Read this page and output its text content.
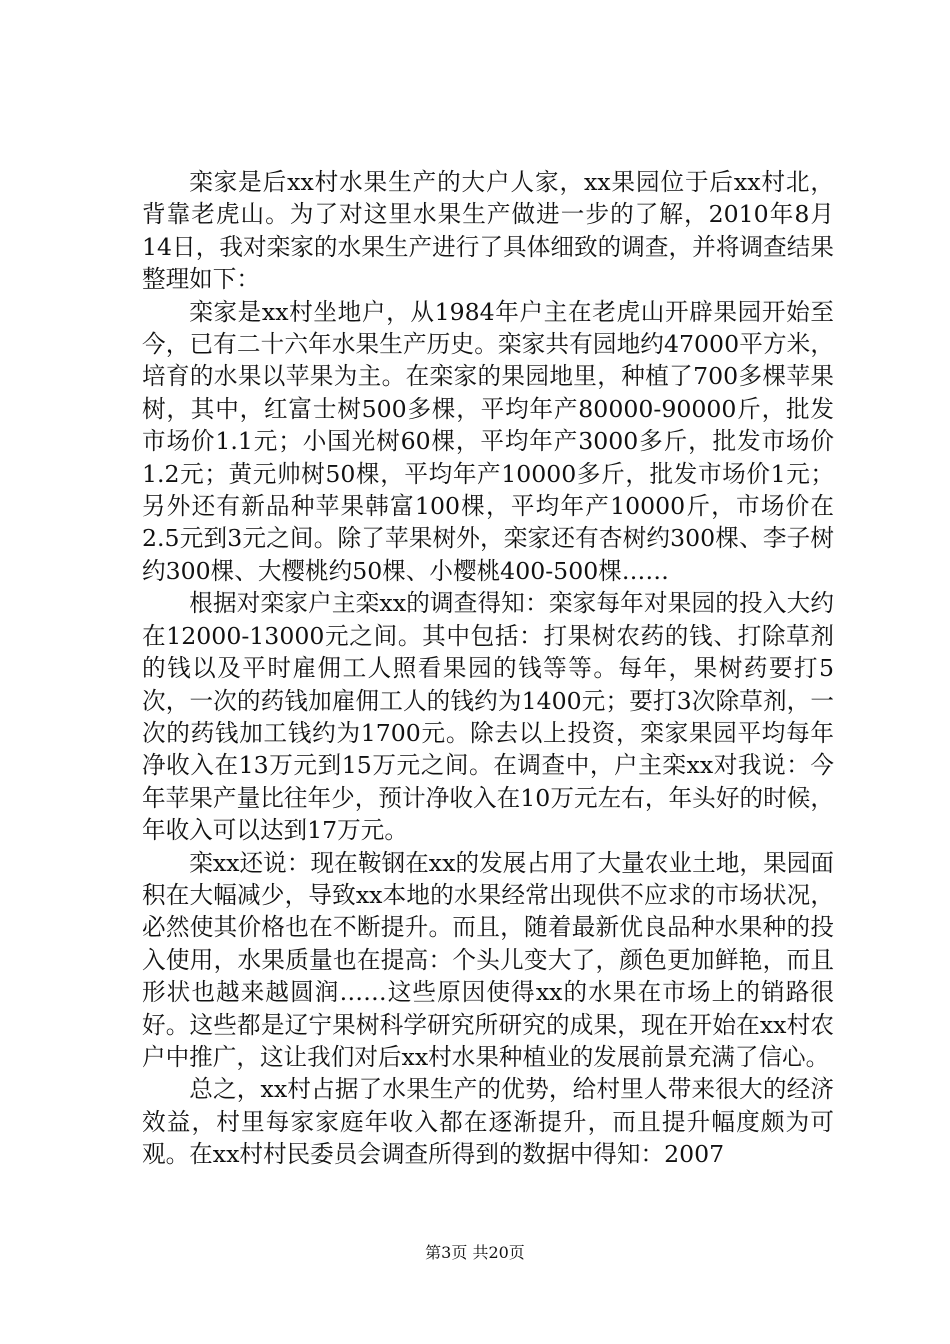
栾家是后xx村水果生产的大户人家，xx果园位于后xx村北，背靠老虎山。为了对这里水果生产做进一步的了解，2010年8月14日，我对栾家的水果生产进行了具体细致的调查，并将调查结果整理如下：

栾家是xx村坐地户，从1984年户主在老虎山开辟果园开始至今，已有二十六年水果生产历史。栾家共有园地约47000平方米，培育的水果以苹果为主。在栾家的果园地里，种植了700多棵苹果树，其中，红富士树500多棵，平均年产80000-90000斤，批发市场价1.1元；小国光树60棵，平均年产3000多斤，批发市场价1.2元；黄元帅树50棵，平均年产10000多斤，批发市场价1元；另外还有新品种苹果韩富100棵，平均年产10000斤，市场价在2.5元到3元之间。除了苹果树外，栾家还有杏树约300棵、李子树约300棵、大樱桃约50棵、小樱桃400-500棵……

根据对栾家户主栾xx的调查得知：栾家每年对果园的投入大约在12000-13000元之间。其中包括：打果树农药的钱、打除草剂的钱以及平时雇佣工人照看果园的钱等等。每年，果树药要打5次，一次的药钱加雇佣工人的钱约为1400元；要打3次除草剂，一次的药钱加工钱约为1700元。除去以上投资，栾家果园平均每年净收入在13万元到15万元之间。在调查中，户主栾xx对我说：今年苹果产量比往年少，预计净收入在10万元左右，年头好的时候，年收入可以达到17万元。

栾xx还说：现在鞍钢在xx的发展占用了大量农业土地，果园面积在大幅减少，导致xx本地的水果经常出现供不应求的市场状况，必然使其价格也在不断提升。而且，随着最新优良品种水果种的投入使用，水果质量也在提高：个头儿变大了，颜色更加鲜艳，而且形状也越来越圆润……这些原因使得xx的水果在市场上的销路很好。这些都是辽宁果树科学研究所研究的成果，现在开始在xx村农户中推广，这让我们对后xx村水果种植业的发展前景充满了信心。

总之，xx村占据了水果生产的优势，给村里人带来很大的经济效益，村里每家家庭年收入都在逐渐提升，而且提升幅度颇为可观。在xx村村民委员会调查所得到的数据中得知：2007

第3页 共20页
